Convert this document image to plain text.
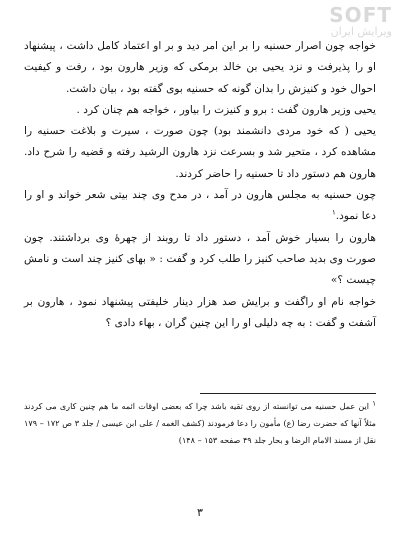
SOFT
ویرایش ایران

خواجه چون اصرار حسنیه را بر این امر دید و بر او اعتماد کامل داشت ، پیشنهاد او را پذیرفت و نزد یحیی بن خالد برمکی که وزیر هارون بود ، رفت و کیفیت احوال خود و کنیزش را بدان گونه که حسنیه بوی گفته بود ، بیان داشت.

یحیی وزیر هارون گفت : برو و کنیزت را بیاور ، خواجه هم چنان کرد .

یحیی ( که خود مردی دانشمند بود) چون صورت ، سیرت و بلاغت حسنیه را مشاهده کرد ، متحیر شد و بسرعت نزد هارون الرشید رفته و قضیه را شرح داد. هارون هم دستور داد تا حسنیه را حاضر کردند.

چون حسنیه به مجلس هارون در آمد ، در مدح وی چند بیتی شعر خواند و او را دعا نمود.$^۱$

هارون را بسیار خوش آمد ، دستور داد تا روبند از چهرهٔ وی برداشتند. چون صورت وی بدید صاحب کنیز را طلب کرد و گفت : « بهای کنیز چند است و نامش چیست ؟»

خواجه نام او راگفت و برایش صد هزار دینار خلیفتی پیشنهاد نمود ، هارون بر آشفت و گفت : به چه دلیلی او را این چنین گران ، بهاء دادی ؟

۱ این عمل حسنیه می توانسته از روی تقیه باشد چرا که بعضی اوقات ائمه ما هم چنین کاری می کردند مثلاً آنها که حضرت رضا (ع) مأمون را دعا فرمودند (کشف الغمه / علی ابن عیسی / جلد ۳ ص ۱۷۲ – ۱۷۹ نقل از مسند الامام الرضا و بحار جلد ۴۹ صفحه ۱۵۳ – ۱۴۸)

۳
